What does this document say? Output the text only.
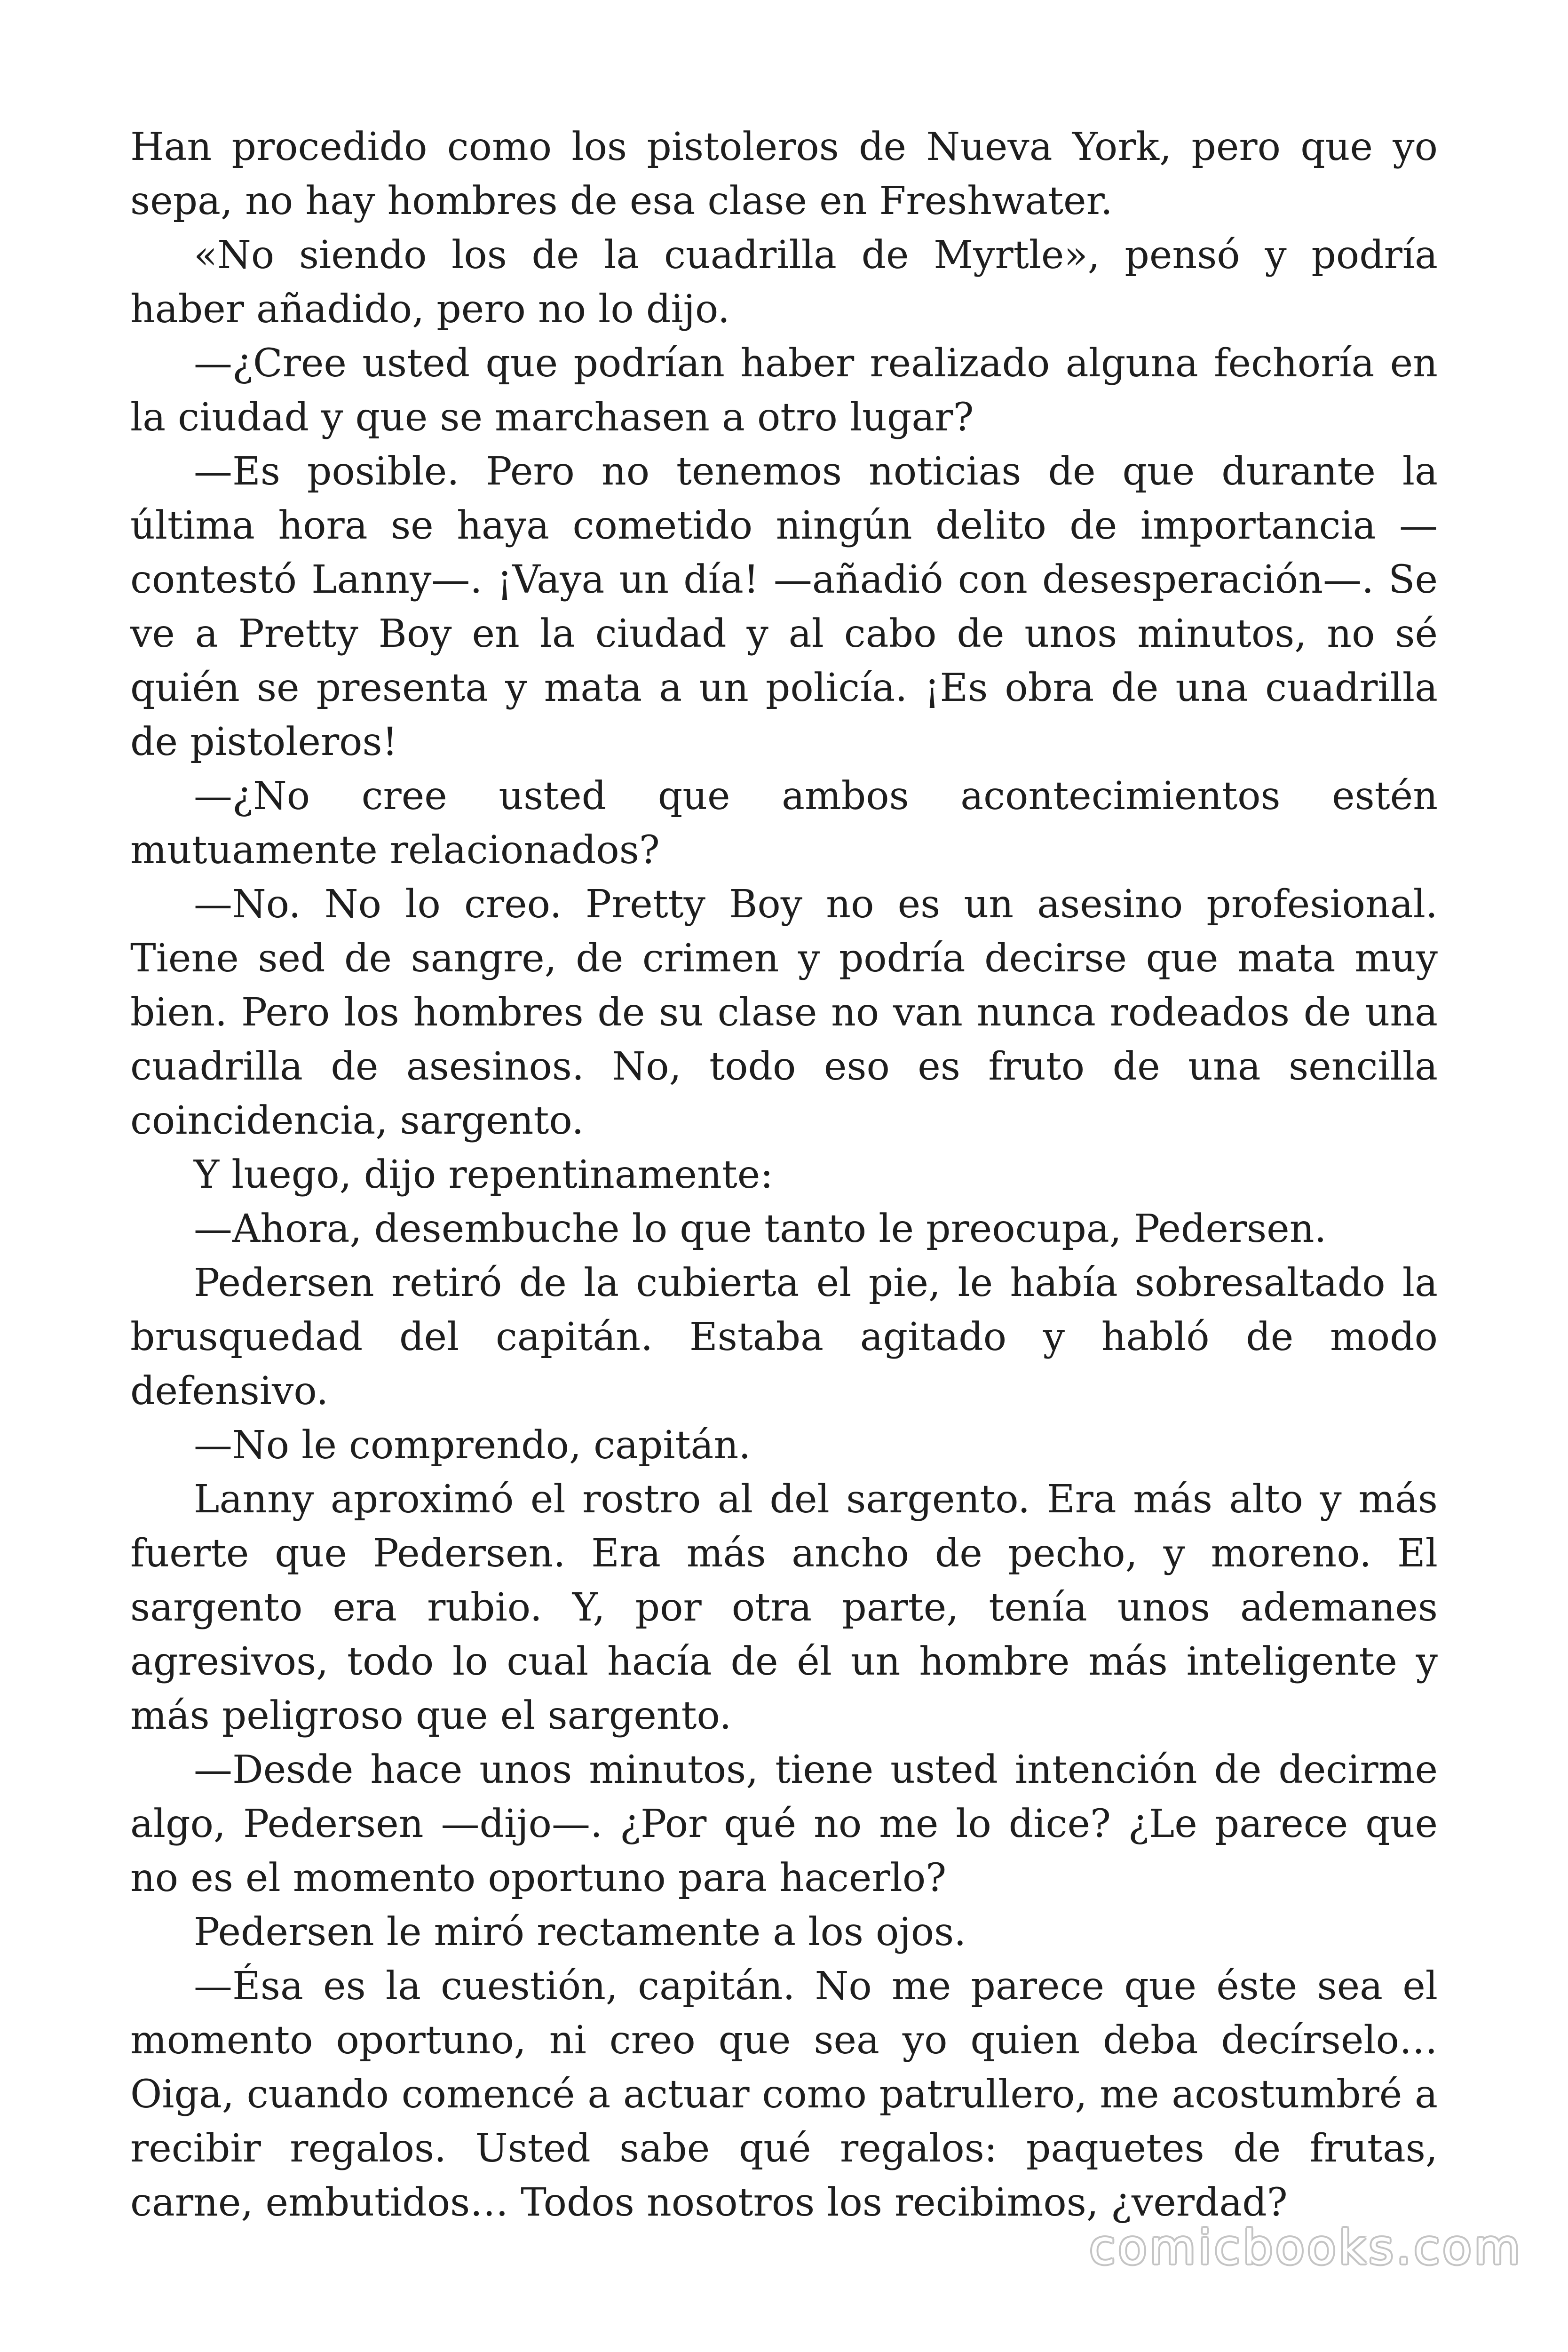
Han procedido como los pistoleros de Nueva York, pero que yo sepa, no hay hombres de esa clase en Freshwater.

«No siendo los de la cuadrilla de Myrtle», pensó y podría haber añadido, pero no lo dijo.

—¿Cree usted que podrían haber realizado alguna fechoría en la ciudad y que se marchasen a otro lugar?

—Es posible. Pero no tenemos noticias de que durante la última hora se haya cometido ningún delito de importancia —contestó Lanny—. ¡Vaya un día! —añadió con desesperación—. Se ve a Pretty Boy en la ciudad y al cabo de unos minutos, no sé quién se presenta y mata a un policía. ¡Es obra de una cuadrilla de pistoleros!

—¿No cree usted que ambos acontecimientos estén mutuamente relacionados?

—No. No lo creo. Pretty Boy no es un asesino profesional. Tiene sed de sangre, de crimen y podría decirse que mata muy bien. Pero los hombres de su clase no van nunca rodeados de una cuadrilla de asesinos. No, todo eso es fruto de una sencilla coincidencia, sargento.

Y luego, dijo repentinamente:

—Ahora, desembuche lo que tanto le preocupa, Pedersen.

Pedersen retiró de la cubierta el pie, le había sobresaltado la brusquedad del capitán. Estaba agitado y habló de modo defensivo.

—No le comprendo, capitán.

Lanny aproximó el rostro al del sargento. Era más alto y más fuerte que Pedersen. Era más ancho de pecho, y moreno. El sargento era rubio. Y, por otra parte, tenía unos ademanes agresivos, todo lo cual hacía de él un hombre más inteligente y más peligroso que el sargento.

—Desde hace unos minutos, tiene usted intención de decirme algo, Pedersen —dijo—. ¿Por qué no me lo dice? ¿Le parece que no es el momento oportuno para hacerlo?

Pedersen le miró rectamente a los ojos.

—Ésa es la cuestión, capitán. No me parece que éste sea el momento oportuno, ni creo que sea yo quien deba decírselo… Oiga, cuando comencé a actuar como patrullero, me acostumbré a recibir regalos. Usted sabe qué regalos: paquetes de frutas, carne, embutidos… Todos nosotros los recibimos, ¿verdad?

comicbooks.com
